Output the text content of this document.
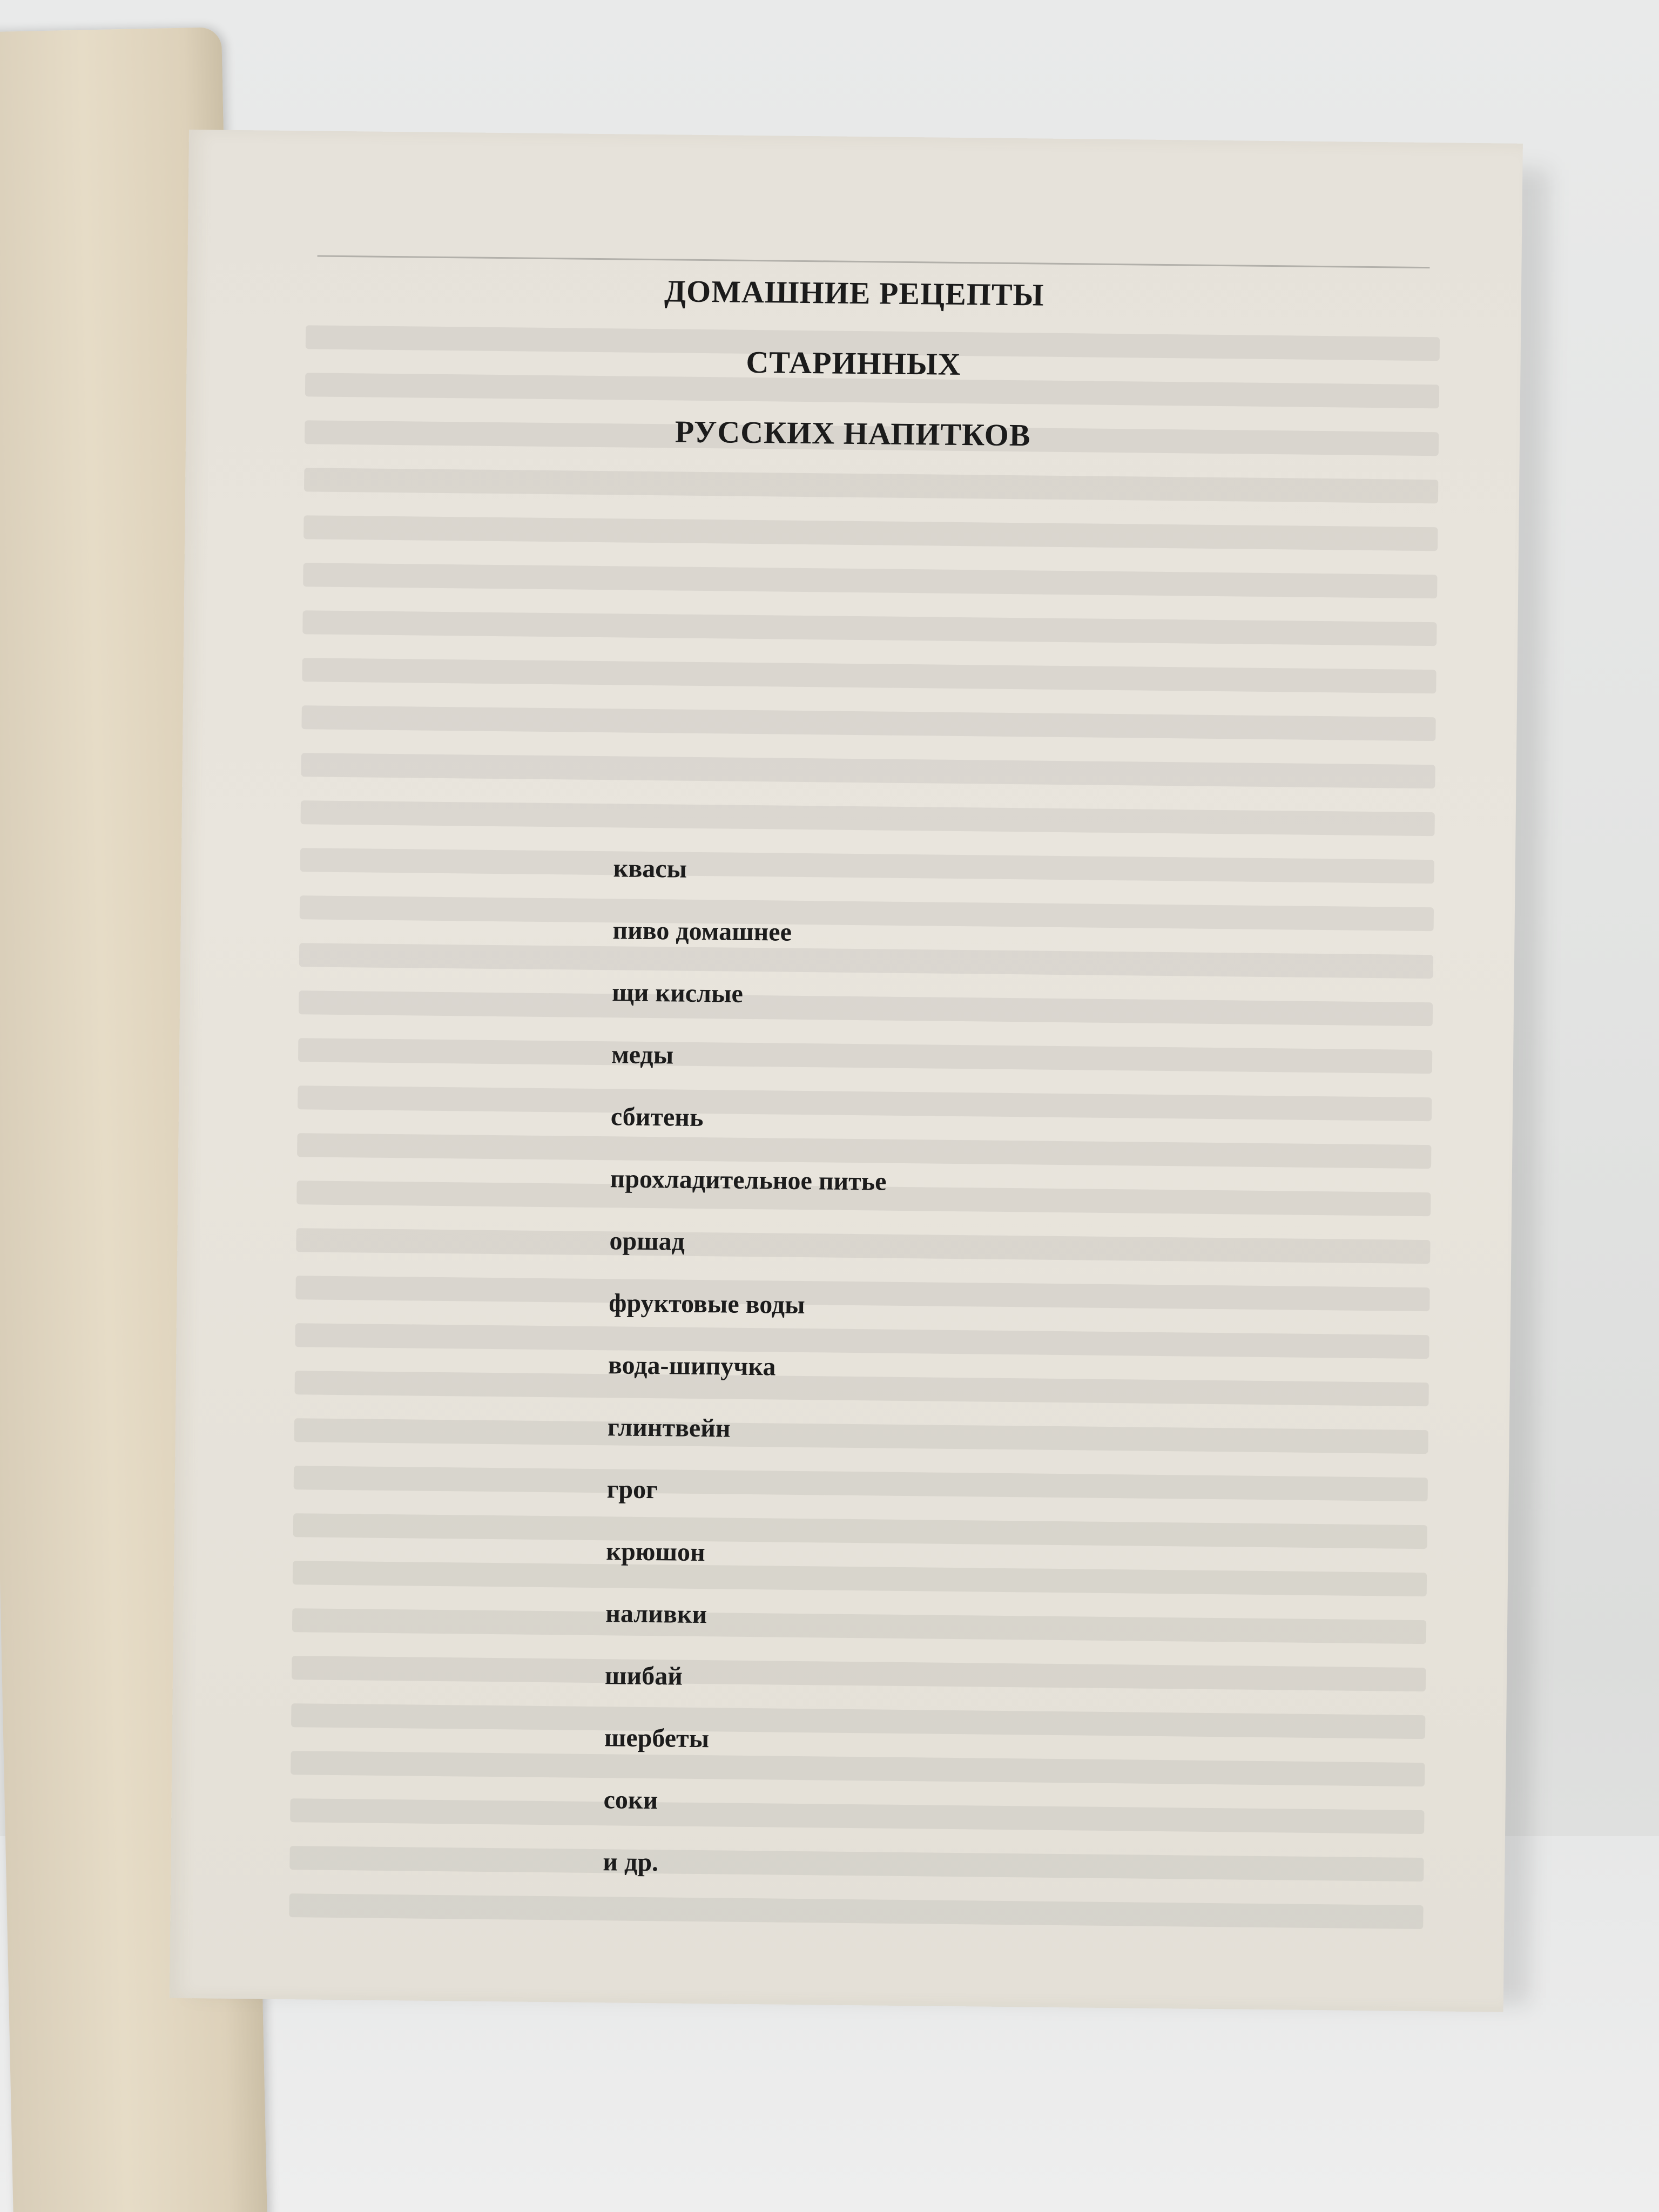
ДОМАШНИЕ РЕЦЕПТЫ
СТАРИННЫХ
РУССКИХ НАПИТКОВ
квасы
пиво домашнее
щи кислые
меды
сбитень
прохладительное питье
оршад
фруктовые воды
вода-шипучка
глинтвейн
грог
крюшон
наливки
шибай
шербеты
соки
и др.
